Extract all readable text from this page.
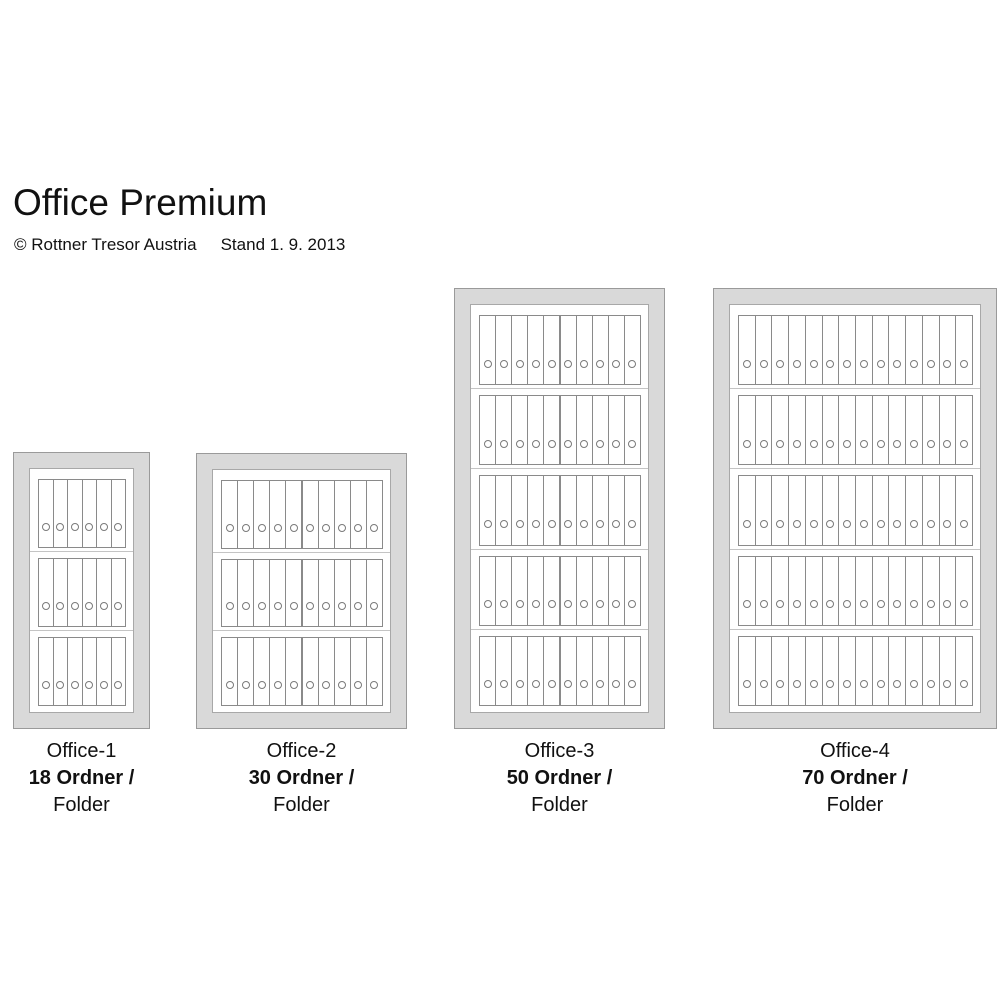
Office Premium
© Rottner Tresor Austria Stand 1. 9. 2013
Office-1
18 Ordner /
Folder
Office-2
30 Ordner /
Folder
Office-3
50 Ordner /
Folder
Office-4
70 Ordner /
Folder
